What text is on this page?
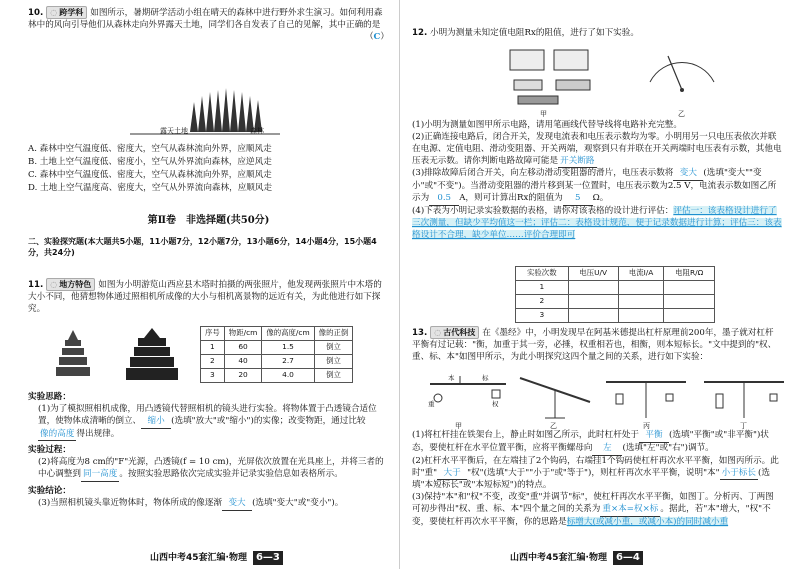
10. ◌ 跨学科 如图所示，暑期研学活动小组在晴天的森林中进行野外求生演习。如何利用森林中的风向引导他们从森林走向外界露天土地，同学们各自发表了自己的见解，其中正确的是
（C）

露天土地	森林

A. 森林中空气温度低、密度大，空气从森林流向外界，应顺风走

B. 土地上空气温度低、密度小，空气从外界流向森林，应逆风走

C. 森林中空气温度低、密度大，空气从森林流向外界，应顺风走

D. 土地上空气温度高、密度大，空气从外界流向森林，应顺风走

第Ⅱ卷　非选择题(共50分)
二、实验探究题(本大题共5小题，11小题7分，12小题7分，13小题6分，14小题4分，15小题4分，共24分)

11. ◌ 地方特色 如图为小明游览山西应县木塔时拍摄的两张照片，他发现两张照片中木塔的大小不同，他猜想物体通过照相机所成像的大小与相机离景物的远近有关，为此他进行如下探究。

序号	物距/cm	像的高度/cm	像的正倒
1	60	1.5	倒立
2	40	2.7	倒立
3	20	4.0	倒立

实验思路：

(1)为了模拟照相机成像，用凸透镜代替照相机的镜头进行实验。将物体置于凸透镜合适位置，使物体成清晰的倒立、 缩小 (选填"放大"或"缩小")的实像；改变物距，通过比较像的高度 得出规律。

实验过程：

(2)将高度为8 cm的"F"光源，凸透镜(f = 10 cm)，光屏依次放置在光具座上，并将三者的中心调整到 同一高度 。按照实验思路依次完成实验并记录实验信息如表格所示。

实验结论：

(3)当照相机镜头靠近物体时，物体所成的像逐渐 变大 (选填"变大"或"变小")。

山西中考45套汇编·物理 6—3

12. 小明为测量未知定值电阻Rx的阻值，进行了如下实验。

甲	乙

(1)小明为测量如图甲所示电路，请用笔画线代替导线将电路补充完整。

(2)正确连接电路后，闭合开关，发现电流表和电压表示数均为零。小明用另一只电压表依次并联在电源、定值电阻、滑动变阻器、开关两端，观察到只有并联在开关两端时电压表有示数，其他电压表无示数。请你判断电路故障可能是 开关断路

(3)排除故障后闭合开关，向左移动滑动变阻器的滑片，电压表示数将 变大 (选填"变大""变小"或"不变")。当滑动变阻器的滑片移到某一位置时，电压表示数为2.5 V，电流表示数如图乙所示为 0.5 A，则可计算出Rx的阻值为 5 Ω。

(4)下表为小明记录实验数据的表格，请你对该表格的设计进行评估：评估一：该表格设计进行了三次测量，但缺少平均值这一栏；评估二：表格设计规范，便于记录数据进行计算；评估三：该表格设计不合理，缺少单位……评价合理即可

实验次数	电压U/V	电流I/A	电阻R/Ω
1			
2			
3			

13. ◌ 古代科技 在《墨经》中，小明发现早在阿基米德提出杠杆原理前200年，墨子就对杠杆平衡有过记载："衡，加重于其一旁，必捶，权重相若也，相衡，则本短标长。"文中提到的"权、重、标、本"如图甲所示，为此小明探究这四个量之间的关系，进行如下实验：

甲	乙	丙	丁
重	权
本	标

(1)将杠杆挂在铁架台上，静止时如图乙所示，此时杠杆处于 平衡 (选填"平衡"或"非平衡")状态，要使杠杆在水平位置平衡，应将平衡螺母向 左 (选填"左"或"右")调节。

(2)杠杆水平平衡后，在左端挂了2个钩码，右端挂1个钩码使杠杆再次水平平衡，如图丙所示。此时"重" 大于 "权"(选填"大于""小于"或"等于")，则杠杆再次水平平衡，说明"本" 小于标长 (选填"本短标长"或"本短标短")的特点。

(3)保持"本"和"权"不变，改变"重"并调节"标"，使杠杆再次水平平衡，如图丁。分析丙、丁两图可初步得出"权、重、标、本"四个量之间的关系为 重×本=权×标 。据此，若"本"增大，"权"不变，要使杠杆再次水平平衡，你的思路是标增大(或减小重，或减小本)的同时减小重

山西中考45套汇编·物理 6—4
